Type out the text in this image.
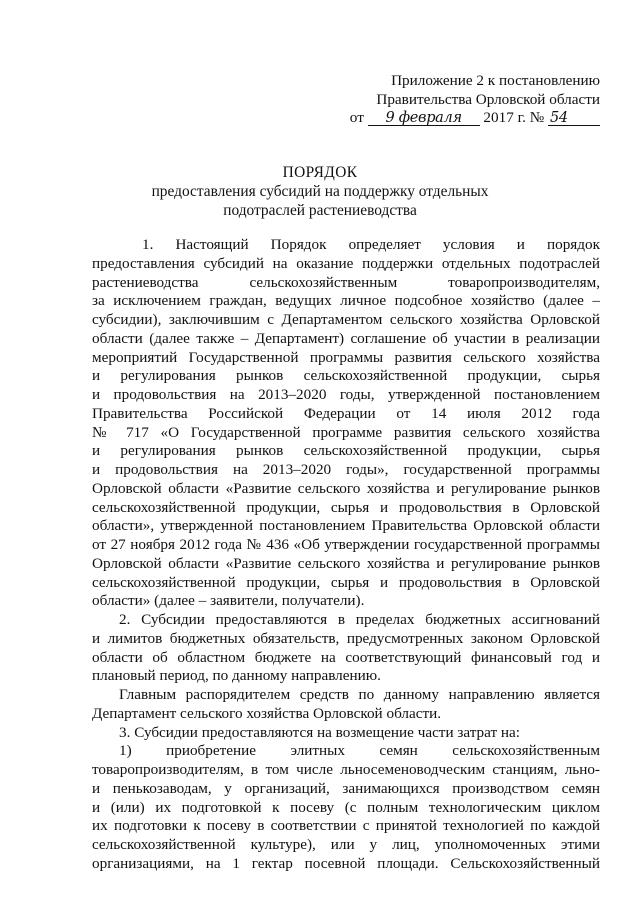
Приложение 2 к постановлению
Правительства Орловской области
от 9 февраля 2017 г. № 54
ПОРЯДОК
предоставления субсидий на поддержку отдельных
подотраслей растениеводства
1. Настоящий Порядок определяет условия и порядок
предоставления субсидий на оказание поддержки отдельных подотраслей
растениеводства сельскохозяйственным товаропроизводителям,
за исключением граждан, ведущих личное подсобное хозяйство (далее –
субсидии), заключившим с Департаментом сельского хозяйства Орловской
области (далее также – Департамент) соглашение об участии в реализации
мероприятий Государственной программы развития сельского хозяйства
и регулирования рынков сельскохозяйственной продукции, сырья
и продовольствия на 2013–2020 годы, утвержденной постановлением
Правительства Российской Федерации от 14 июля 2012 года
№ 717 «О Государственной программе развития сельского хозяйства
и регулирования рынков сельскохозяйственной продукции, сырья
и продовольствия на 2013–2020 годы», государственной программы
Орловской области «Развитие сельского хозяйства и регулирование рынков
сельскохозяйственной продукции, сырья и продовольствия в Орловской
области», утвержденной постановлением Правительства Орловской области
от 27 ноября 2012 года № 436 «Об утверждении государственной программы
Орловской области «Развитие сельского хозяйства и регулирование рынков
сельскохозяйственной продукции, сырья и продовольствия в Орловской
области» (далее – заявители, получатели).
2. Субсидии предоставляются в пределах бюджетных ассигнований
и лимитов бюджетных обязательств, предусмотренных законом Орловской
области об областном бюджете на соответствующий финансовый год и
плановый период, по данному направлению.
Главным распорядителем средств по данному направлению является
Департамент сельского хозяйства Орловской области.
3. Субсидии предоставляются на возмещение части затрат на:
1) приобретение элитных семян сельскохозяйственным
товаропроизводителям, в том числе льносеменоводческим станциям, льно-
и пенькозаводам, у организаций, занимающихся производством семян
и (или) их подготовкой к посеву (с полным технологическим циклом
их подготовки к посеву в соответствии с принятой технологией по каждой
сельскохозяйственной культуре), или у лиц, уполномоченных этими
организациями, на 1 гектар посевной площади. Сельскохозяйственный
